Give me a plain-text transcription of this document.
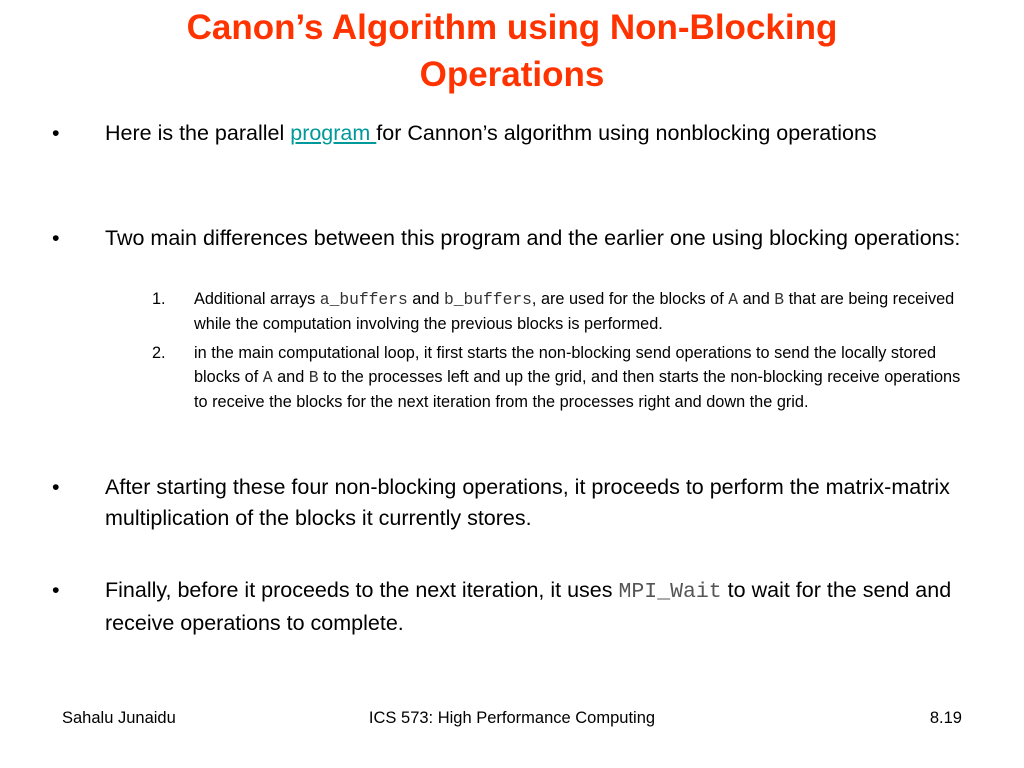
Canon’s Algorithm using Non-Blocking
Operations
•	Here is the parallel program for Cannon’s algorithm using nonblocking operations
•	Two main differences between this program and the earlier one using blocking operations:
1.	Additional arrays a_buffers and b_buffers, are used for the blocks of A and B that are being received while the computation involving the previous blocks is performed.
2.	in the main computational loop, it first starts the non-blocking send operations to send the locally stored blocks of A and B to the processes left and up the grid, and then starts the non-blocking receive operations to receive the blocks for the next iteration from the processes right and down the grid.
•	After starting these four non-blocking operations, it proceeds to perform the matrix-matrix multiplication of the blocks it currently stores.
•	Finally, before it proceeds to the next iteration, it uses MPI_Wait to wait for the send and receive operations to complete.
Sahalu Junaidu	ICS 573: High Performance Computing	8.19
